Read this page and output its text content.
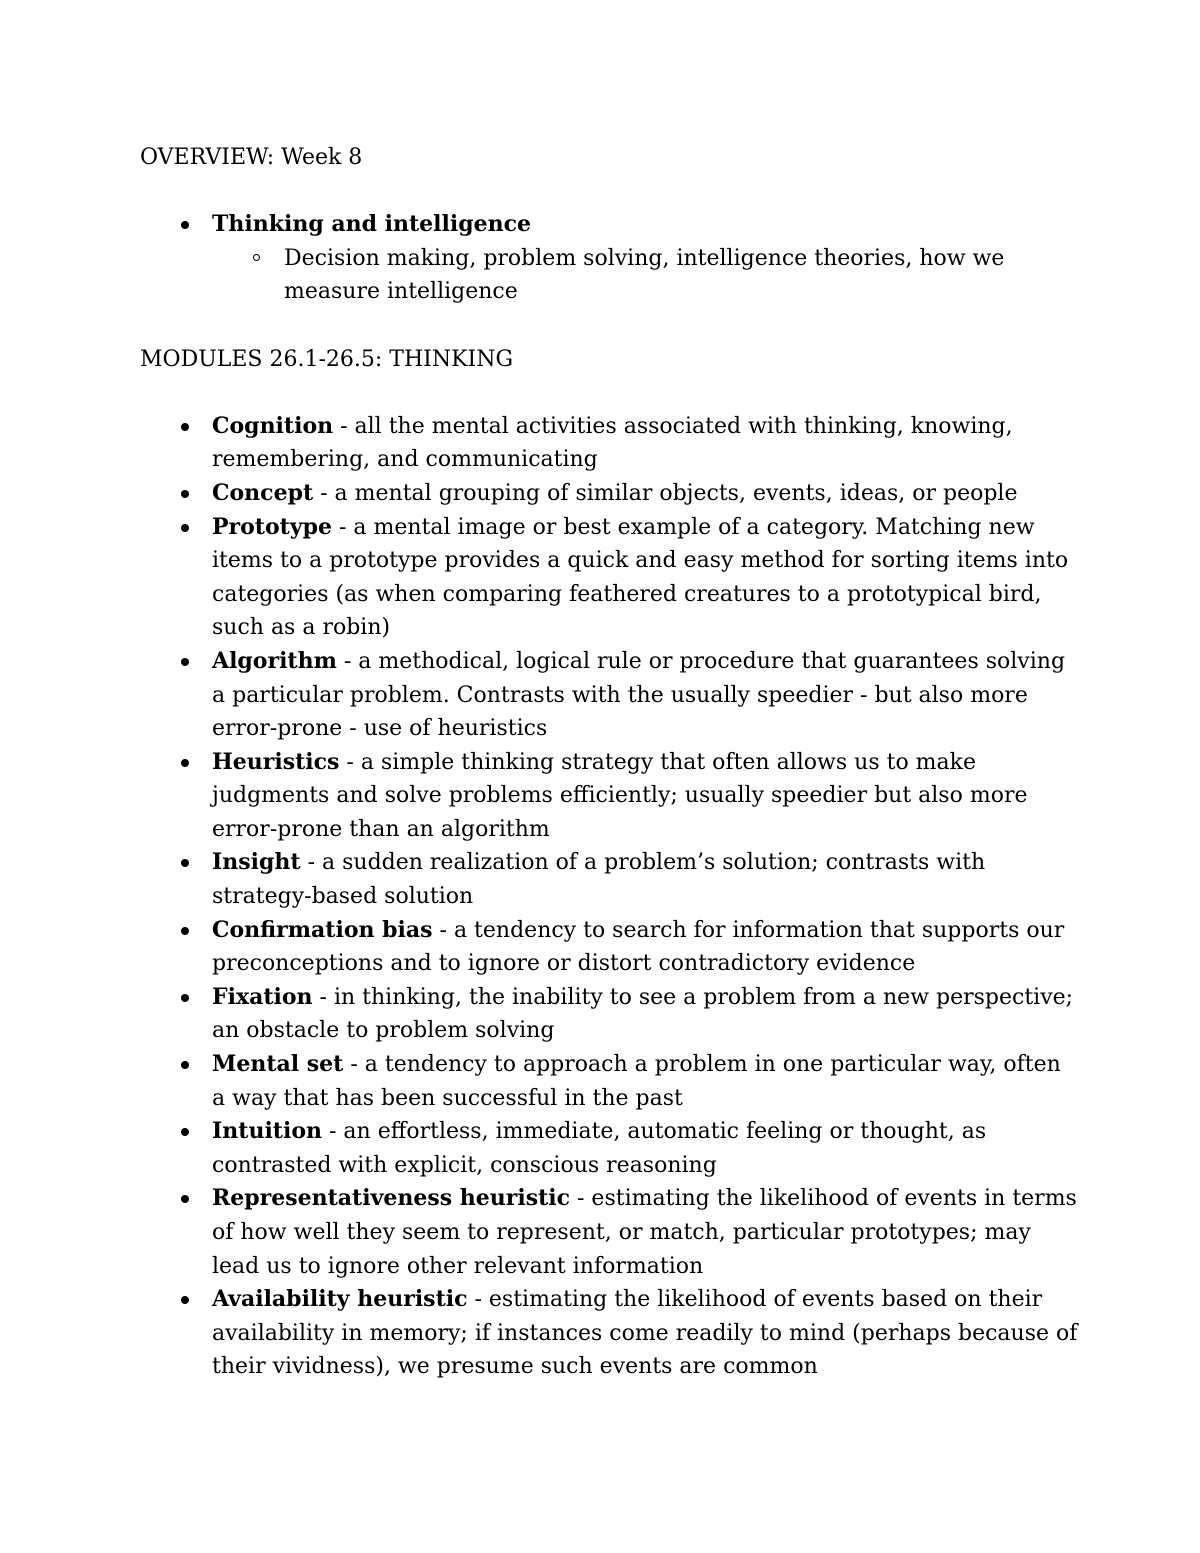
OVERVIEW: Week 8

Thinking and intelligence
Decision making, problem solving, intelligence theories, how we measure intelligence

MODULES 26.1-26.5: THINKING

Cognition - all the mental activities associated with thinking, knowing, remembering, and communicating
Concept - a mental grouping of similar objects, events, ideas, or people
Prototype - a mental image or best example of a category. Matching new items to a prototype provides a quick and easy method for sorting items into categories (as when comparing feathered creatures to a prototypical bird, such as a robin)
Algorithm - a methodical, logical rule or procedure that guarantees solving a particular problem. Contrasts with the usually speedier - but also more error-prone - use of heuristics
Heuristics - a simple thinking strategy that often allows us to make judgments and solve problems efficiently; usually speedier but also more error-prone than an algorithm
Insight - a sudden realization of a problem’s solution; contrasts with strategy-based solution
Confirmation bias - a tendency to search for information that supports our preconceptions and to ignore or distort contradictory evidence
Fixation - in thinking, the inability to see a problem from a new perspective; an obstacle to problem solving
Mental set - a tendency to approach a problem in one particular way, often a way that has been successful in the past
Intuition - an effortless, immediate, automatic feeling or thought, as contrasted with explicit, conscious reasoning
Representativeness heuristic - estimating the likelihood of events in terms of how well they seem to represent, or match, particular prototypes; may lead us to ignore other relevant information
Availability heuristic - estimating the likelihood of events based on their availability in memory; if instances come readily to mind (perhaps because of their vividness), we presume such events are common
